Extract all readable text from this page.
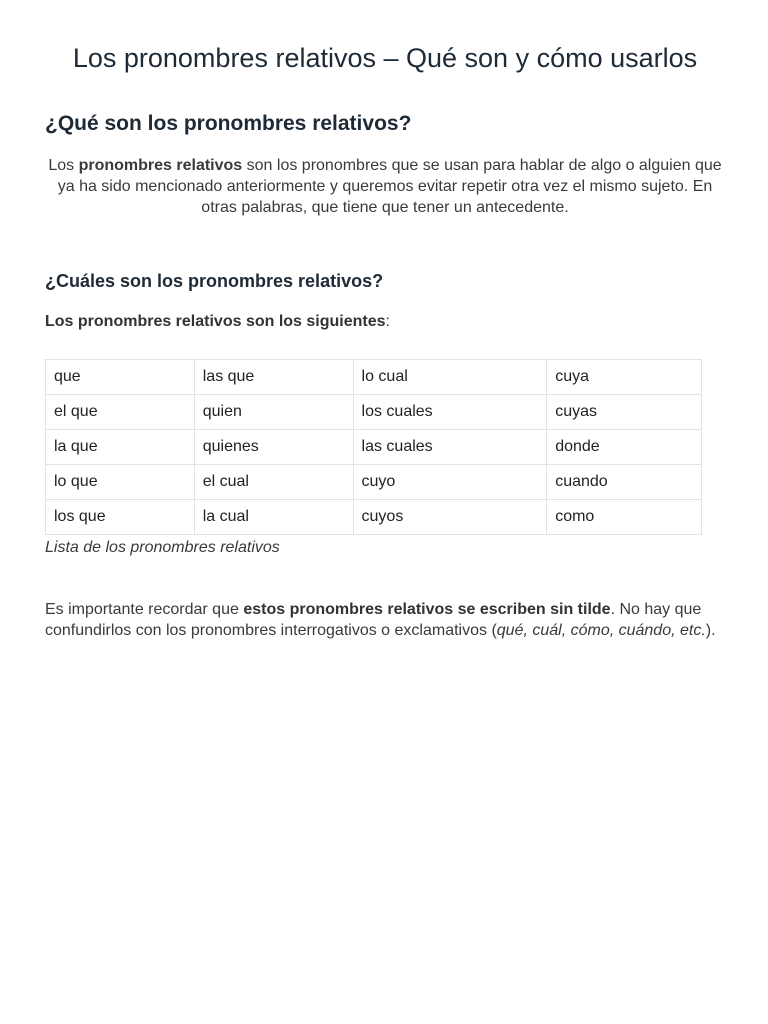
Los pronombres relativos – Qué son y cómo usarlos
¿Qué son los pronombres relativos?

Los pronombres relativos son los pronombres que se usan para hablar de algo o alguien que ya ha sido mencionado anteriormente y queremos evitar repetir otra vez el mismo sujeto. En otras palabras, que tiene que tener un antecedente.

¿Cuáles son los pronombres relativos?

Los pronombres relativos son los siguientes:

que	las que	lo cual	cuya
el que	quien	los cuales	cuyas
la que	quienes	las cuales	donde
lo que	el cual	cuyo	cuando
los que	la cual	cuyos	como

Lista de los pronombres relativos

Es importante recordar que estos pronombres relativos se escriben sin tilde. No hay que confundirlos con los pronombres interrogativos o exclamativos (qué, cuál, cómo, cuándo, etc.).
